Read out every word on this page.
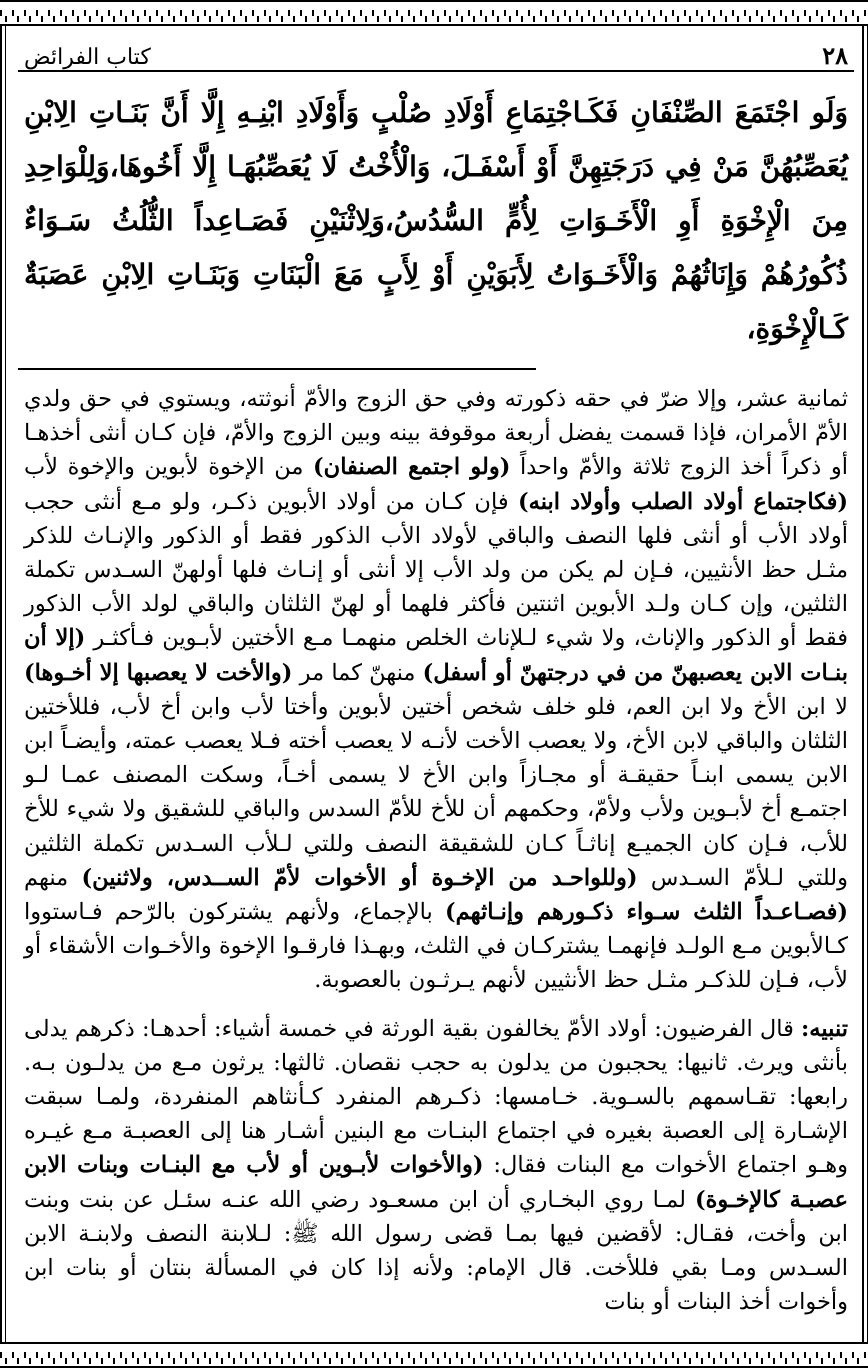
٢٨
كتاب الفرائض
وَلَو اجْتَمَعَ الصِّنْفَانِ فَكَـاجْتِمَاعِ أَوْلَادِ صُلْبٍ وَأَوْلَادِ ابْنِـهِ إِلَّا أَنَّ بَنَـاتِ الِابْنِ يُعَصِّبُهُنَّ مَنْ فِي دَرَجَتِهِنَّ أَوْ أَسْفَـلَ، وَالْأُخْتُ لَا يُعَصِّبُهَـا إِلَّا أَخُوهَا،وَلِلْوَاحِدِ مِنَ الْإِخْوَةِ أَوِ الْأَخَـوَاتِ لِأُمٍّ السُّدُسُ،وَلِاثْنَيْنِ فَصَـاعِداً الثُّلُثُ سَـوَاءٌ ذُكُورُهُمْ وَإِنَاثُهُمْ وَالْأَخَـوَاتُ لِأَبَوَيْنِ أَوْ لِأَبٍ مَعَ الْبَنَاتِ وَبَنَـاتِ الِابْنِ عَصَبَةٌ كَـالْإِخْوَةِ،

ثمانية عشر، وإلا ضرّ في حقه ذكورته وفي حق الزوج والأمّ أنوثته، ويستوي في حق ولدي الأمّ الأمران، فإذا قسمت يفضل أربعة موقوفة بينه وبين الزوج والأمّ، فإن كـان أنثى أخذهـا أو ذكراً أخذ الزوج ثلاثة والأمّ واحداً (ولو اجتمع الصنفان) من الإخوة لأبوين والإخوة لأب (فكاجتماع أولاد الصلب وأولاد ابنه) فإن كـان من أولاد الأبوين ذكـر، ولو مـع أنثى حجب أولاد الأب أو أنثى فلها النصف والباقي لأولاد الأب الذكور فقط أو الذكور والإنـاث للذكر مثـل حظ الأنثيين، فـإن لم يكن من ولد الأب إلا أنثى أو إنـاث فلها أولهنّ السـدس تكملة الثلثين، وإن كـان ولـد الأبوين اثنتين فأكثر فلهما أو لهنّ الثلثان والباقي لولد الأب الذكور فقط أو الذكور والإناث، ولا شيء لـلإناث الخلص منهمـا مـع الأختين لأبـوين فـأكثـر (إلا أن بنـات الابن يعصبهنّ من في درجتهنّ أو أسفل) منهنّ كما مر (والأخت لا يعصبها إلا أخـوها) لا ابن الأخ ولا ابن العم، فلو خلف شخص أختين لأبوين وأختا لأب وابن أخ لأب، فللأختين الثلثان والباقي لابن الأخ، ولا يعصب الأخت لأنـه لا يعصب أخته فـلا يعصب عمته، وأيضـاً ابن الابن يسمى ابنـاً حقيقـة أو مجـازاً وابن الأخ لا يسمى أخـاً، وسكت المصنف عمـا لـو اجتمـع أخ لأبـوين ولأب ولأمّ، وحكمهم أن للأخ للأمّ السدس والباقي للشقيق ولا شيء للأخ للأب، فـإن كان الجميـع إناثـاً كـان للشقيقة النصف وللتي لـلأب السـدس تكملة الثلثين وللتي لـلأمّ السـدس (وللواحـد من الإخـوة أو الأخوات لأمّ الســدس، ولاثنين) منهم (فصـاعـداً الثلث سـواء ذكـورهم وإنـاثهم) بالإجماع، ولأنهم يشتركون بالرّحم فـاستووا كـالأبوين مـع الولـد فإنهمـا يشتركـان في الثلث، وبهـذا فارقـوا الإخوة والأخـوات الأشقاء أو لأب، فـإن للذكـر مثـل حظ الأنثيين لأنهم يـرثـون بالعصوبة.

تنبيه: قال الفرضيون: أولاد الأمّ يخالفون بقية الورثة في خمسة أشياء: أحدهـا: ذكرهم يدلى بأنثى ويرث. ثانيها: يحجبون من يدلون به حجب نقصان. ثالثها: يرثون مـع من يدلـون بـه. رابعها: تقـاسمهم بالسـوية. خـامسها: ذكـرهم المنفرد كـأنثاهم المنفردة، ولمـا سبقت الإشـارة إلى العصبة بغيره في اجتماع البنـات مع البنين أشـار هنا إلى العصبـة مـع غيـره وهـو اجتماع الأخوات مع البنات فقال: (والأخوات لأبـوين أو لأب مع البنـات وبنات الابن عصبـة كالإخـوة) لمـا روي البخـاري أن ابن مسعـود رضي الله عنـه سئـل عن بنت وبنت ابن وأخت، فقـال: لأقضين فيها بمـا قضى رسول الله ﷺ: لـلابنة النصف ولابنـة الابن السـدس ومـا بقي فللأخت. قال الإمام: ولأنه إذا كان في المسألة بنتان أو بنات ابن وأخوات أخذ البنات أو بنات
